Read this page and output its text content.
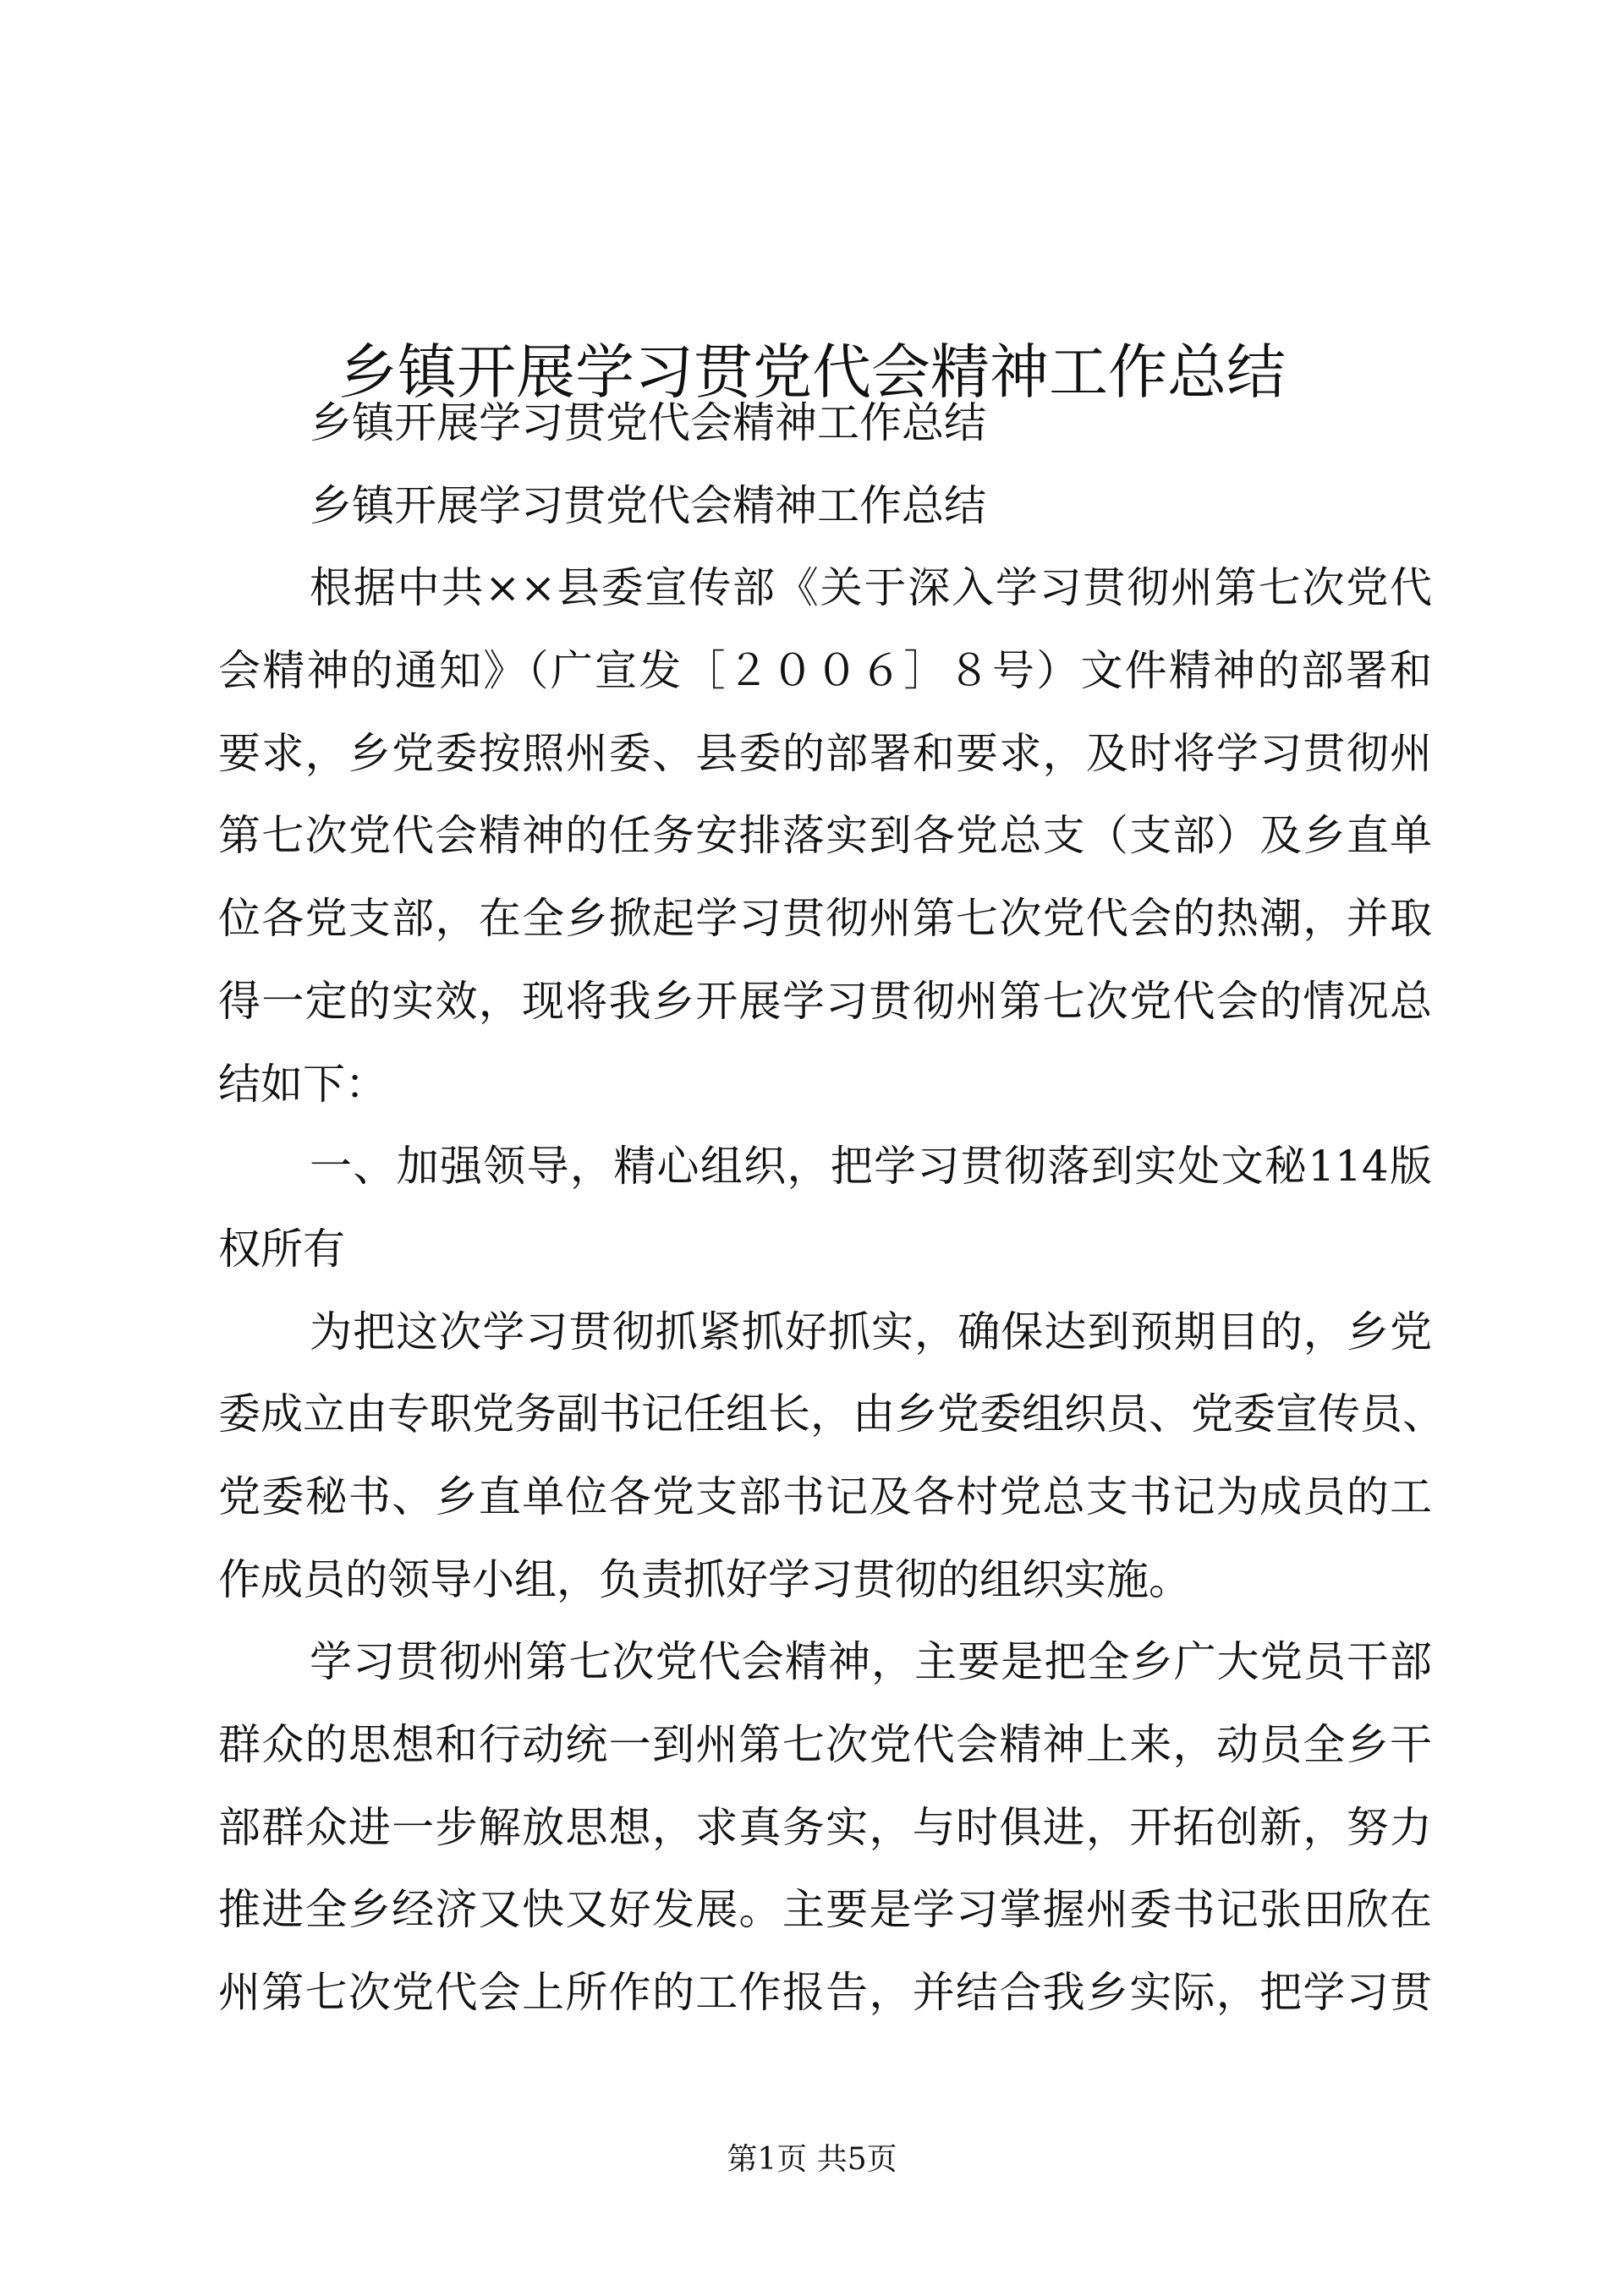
乡镇开展学习贯党代会精神工作总结
乡镇开展学习贯党代会精神工作总结
乡镇开展学习贯党代会精神工作总结
根据中共××县委宣传部《关于深入学习贯彻州第七次党代
会精神的通知》（广宣发［２００６］８号）文件精神的部署和
要求，乡党委按照州委、县委的部署和要求，及时将学习贯彻州
第七次党代会精神的任务安排落实到各党总支（支部）及乡直单
位各党支部，在全乡掀起学习贯彻州第七次党代会的热潮，并取
得一定的实效，现将我乡开展学习贯彻州第七次党代会的情况总
结如下：
一、加强领导，精心组织，把学习贯彻落到实处文秘114版
权所有
为把这次学习贯彻抓紧抓好抓实，确保达到预期目的，乡党
委成立由专职党务副书记任组长，由乡党委组织员、党委宣传员、
党委秘书、乡直单位各党支部书记及各村党总支书记为成员的工
作成员的领导小组，负责抓好学习贯彻的组织实施。
学习贯彻州第七次党代会精神，主要是把全乡广大党员干部
群众的思想和行动统一到州第七次党代会精神上来，动员全乡干
部群众进一步解放思想，求真务实，与时俱进，开拓创新，努力
推进全乡经济又快又好发展。主要是学习掌握州委书记张田欣在
州第七次党代会上所作的工作报告，并结合我乡实际，把学习贯
第1页 共5页
